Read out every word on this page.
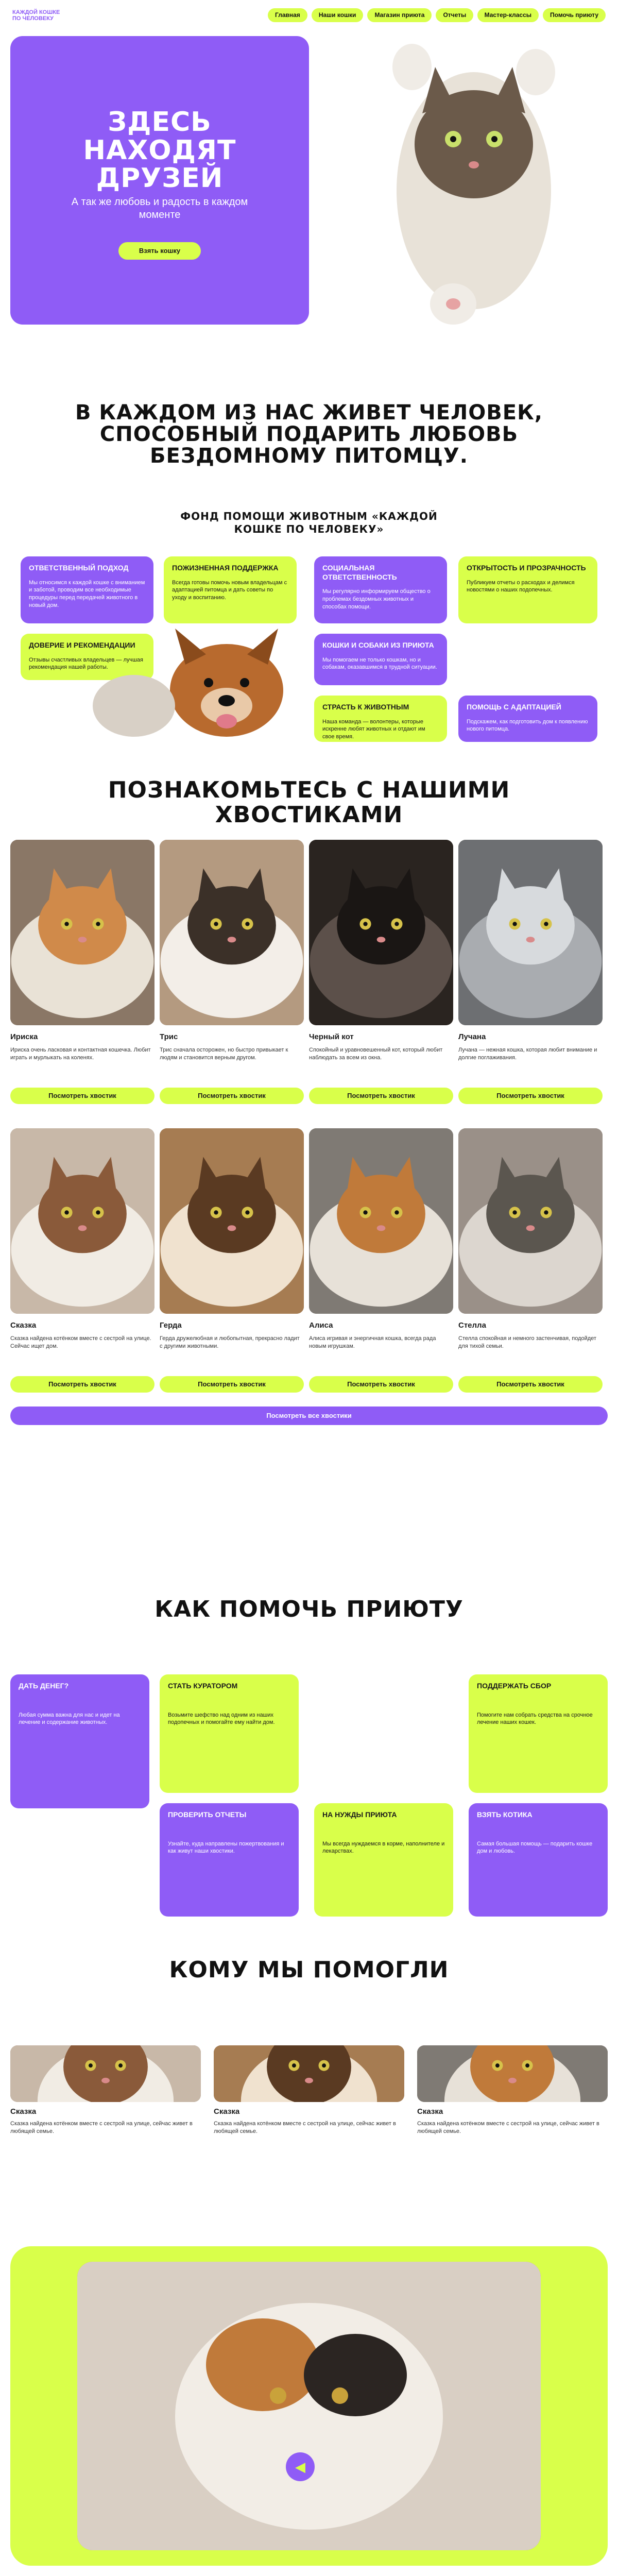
КАЖДОЙ КОШКЕ
ПО ЧЕЛОВЕКУ
Главная	Наши кошки	Магазин приюта	Отчеты	Мастер-классы	Помочь приюту
ЗДЕСЬ НАХОДЯТ ДРУЗЕЙ
А так же любовь и радость в каждом моменте
Взять кошку
В КАЖДОМ ИЗ НАС ЖИВЕТ ЧЕЛОВЕК, СПОСОБНЫЙ ПОДАРИТЬ ЛЮБОВЬ БЕЗДОМНОМУ ПИТОМЦУ.
ФОНД ПОМОЩИ ЖИВОТНЫМ «КАЖДОЙ КОШКЕ ПО ЧЕЛОВЕКУ»
ОТВЕТСТВЕННЫЙ ПОДХОД

Мы относимся к каждой кошке с вниманием и заботой, проводим все необходимые процедуры перед передачей животного в новый дом.

ПОЖИЗНЕННАЯ ПОДДЕРЖКА

Всегда готовы помочь новым владельцам с адаптацией питомца и дать советы по уходу и воспитанию.

СОЦИАЛЬНАЯ ОТВЕТСТВЕННОСТЬ

Мы регулярно информируем общество о проблемах бездомных животных и способах помощи.

ОТКРЫТОСТЬ И ПРОЗРАЧНОСТЬ

Публикуем отчеты о расходах и делимся новостями о наших подопечных.

ДОВЕРИЕ И РЕКОМЕНДАЦИИ

Отзывы счастливых владельцев — лучшая рекомендация нашей работы.

КОШКИ И СОБАКИ ИЗ ПРИЮТА

Мы помогаем не только кошкам, но и собакам, оказавшимся в трудной ситуации.

СТРАСТЬ К ЖИВОТНЫМ

Наша команда — волонтеры, которые искренне любят животных и отдают им свое время.

ПОМОЩЬ С АДАПТАЦИЕЙ

Подскажем, как подготовить дом к появлению нового питомца.

ПОЗНАКОМЬТЕСЬ С НАШИМИ ХВОСТИКАМИ
Ириска
Ириска очень ласковая и контактная кошечка. Любит играть и мурлыкать на коленях.
Посмотреть хвостик
Трис
Трис сначала осторожен, но быстро привыкает к людям и становится верным другом.
Посмотреть хвостик
Черный кот
Спокойный и уравновешенный кот, который любит наблюдать за всем из окна.
Посмотреть хвостик
Лучана
Лучана — нежная кошка, которая любит внимание и долгие поглаживания.
Посмотреть хвостик
Сказка
Сказка найдена котёнком вместе с сестрой на улице. Сейчас ищет дом.
Посмотреть хвостик
Герда
Герда дружелюбная и любопытная, прекрасно ладит с другими животными.
Посмотреть хвостик
Алиса
Алиса игривая и энергичная кошка, всегда рада новым игрушкам.
Посмотреть хвостик
Стелла
Стелла спокойная и немного застенчивая, подойдет для тихой семьи.
Посмотреть хвостик
Посмотреть все хвостики
КАК ПОМОЧЬ ПРИЮТУ
ДАТЬ ДЕНЕГ?

Любая сумма важна для нас и идет на лечение и содержание животных.

СТАТЬ КУРАТОРОМ

Возьмите шефство над одним из наших подопечных и помогайте ему найти дом.

ПОДДЕРЖАТЬ СБОР

Помогите нам собрать средства на срочное лечение наших кошек.

ПРОВЕРИТЬ ОТЧЕТЫ

Узнайте, куда направлены пожертвования и как живут наши хвостики.

НА НУЖДЫ ПРИЮТА

Мы всегда нуждаемся в корме, наполнителе и лекарствах.

ВЗЯТЬ КОТИКА

Самая большая помощь — подарить кошке дом и любовь.

КОМУ МЫ ПОМОГЛИ
Сказка
Сказка найдена котёнком вместе с сестрой на улице, сейчас живет в любящей семье.
Сказка
Сказка найдена котёнком вместе с сестрой на улице, сейчас живет в любящей семье.
Сказка
Сказка найдена котёнком вместе с сестрой на улице, сейчас живет в любящей семье.
◀
